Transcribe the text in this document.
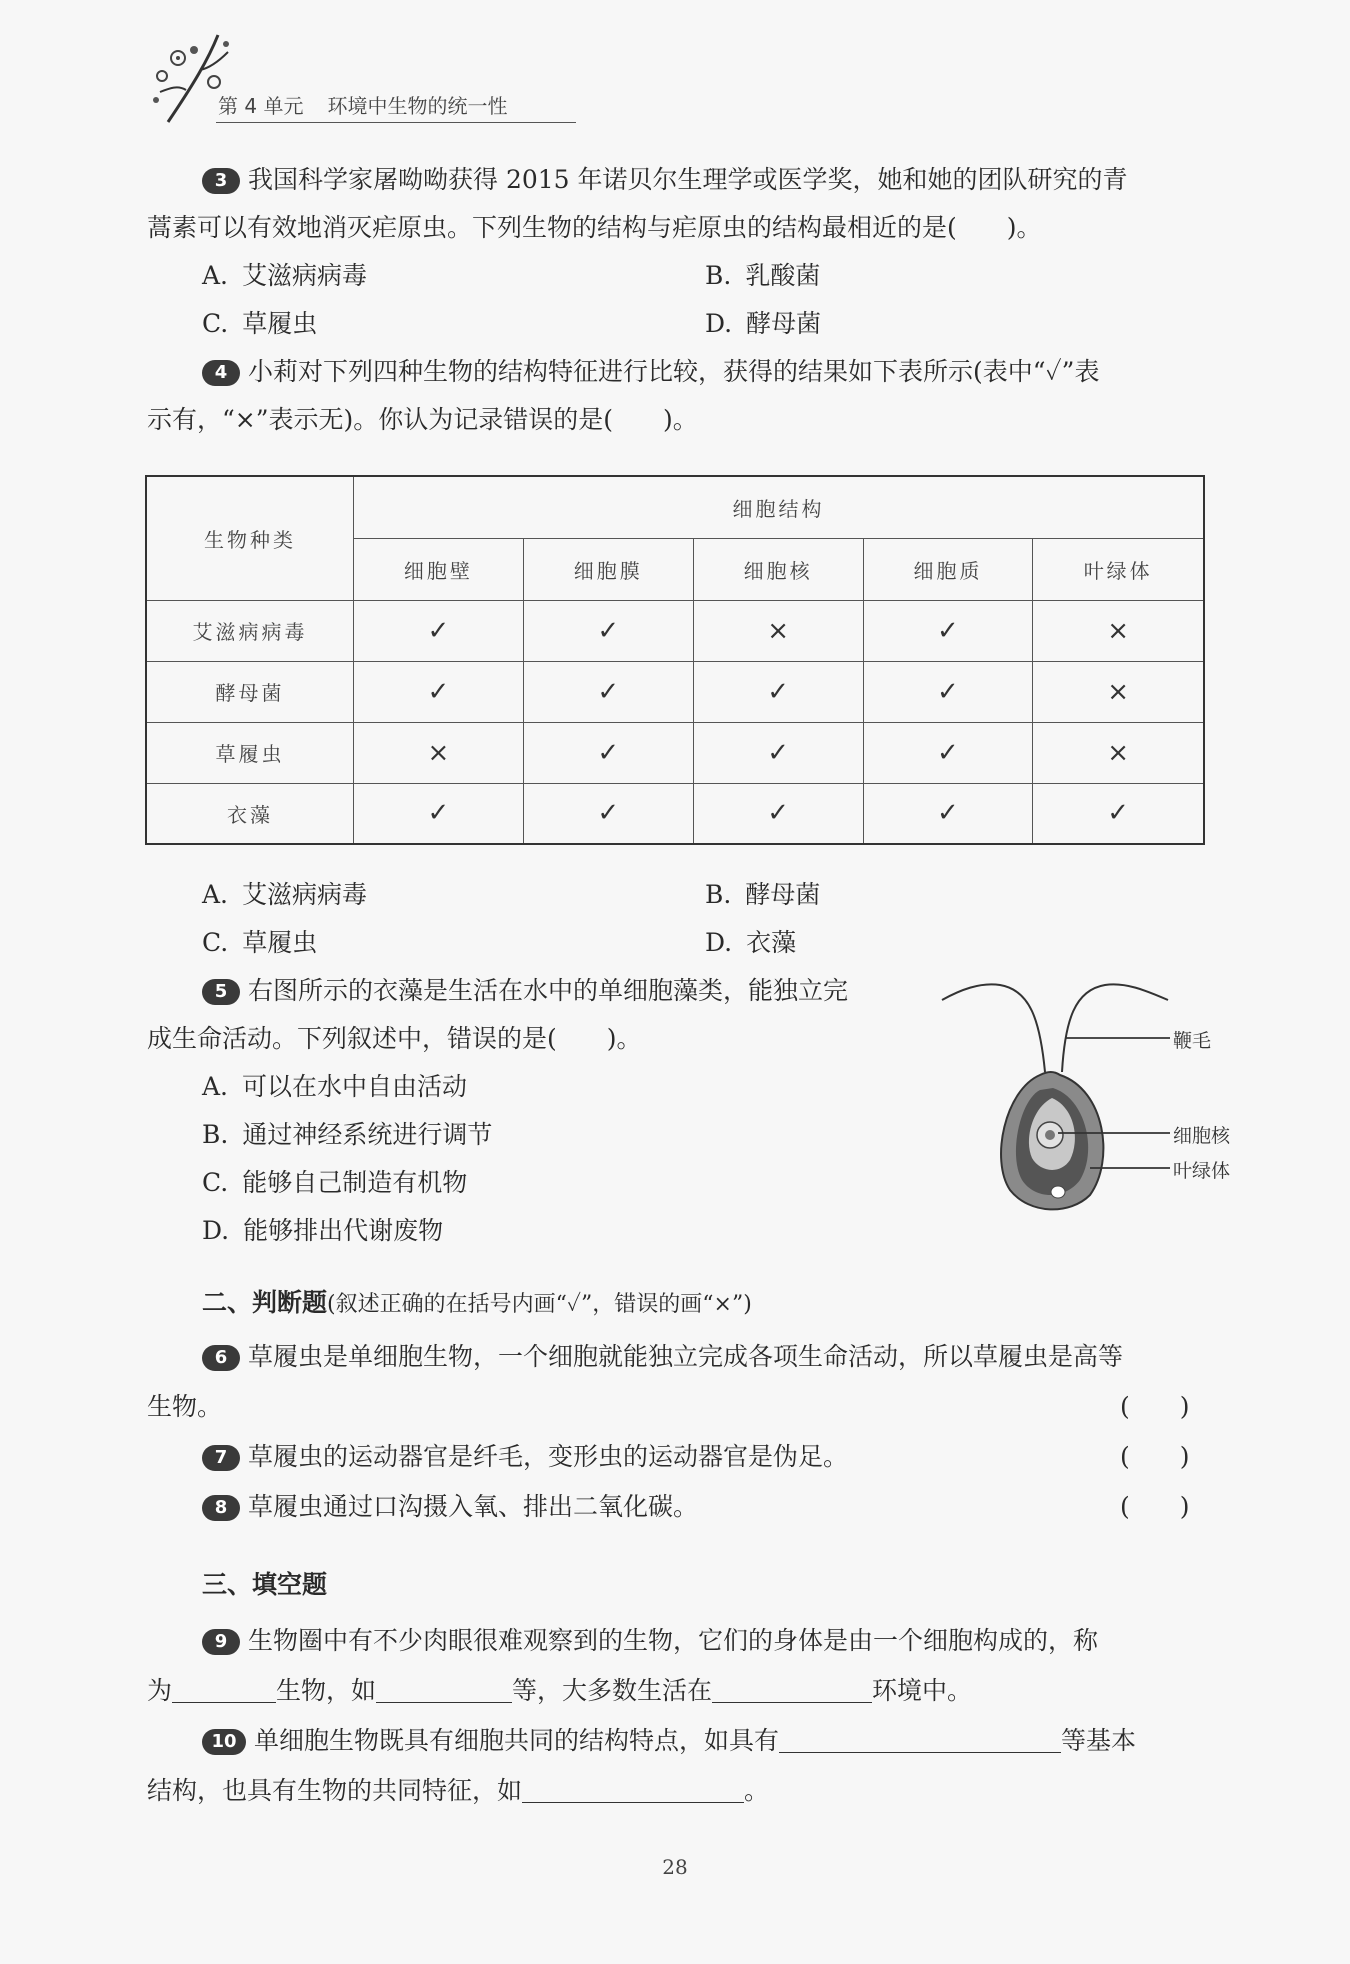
第 4 单元 环境中生物的统一性
3 我国科学家屠呦呦获得 2015 年诺贝尔生理学或医学奖，她和她的团队研究的青
蒿素可以有效地消灭疟原虫。下列生物的结构与疟原虫的结构最相近的是(　　)。
A. 艾滋病病毒	B. 乳酸菌
C. 草履虫	D. 酵母菌
4 小莉对下列四种生物的结构特征进行比较，获得的结果如下表所示(表中“✓”表
示有，“×”表示无)。你认为记录错误的是(　　)。
生物种类	细胞结构				
	细胞壁	细胞膜	细胞核	细胞质	叶绿体
艾滋病病毒	✓	✓	×	✓	×
酵母菌	✓	✓	✓	✓	×
草履虫	×	✓	✓	✓	×
衣藻	✓	✓	✓	✓	✓
A. 艾滋病病毒	B. 酵母菌
C. 草履虫	D. 衣藻
5 右图所示的衣藻是生活在水中的单细胞藻类，能独立完
成生命活动。下列叙述中，错误的是(　　)。
A. 可以在水中自由活动
B. 通过神经系统进行调节
C. 能够自己制造有机物
D. 能够排出代谢废物
鞭毛
细胞核
叶绿体
二、判断题(叙述正确的在括号内画“✓”，错误的画“×”)
6 草履虫是单细胞生物，一个细胞就能独立完成各项生命活动，所以草履虫是高等
生物。	(　　)
7 草履虫的运动器官是纤毛，变形虫的运动器官是伪足。	(　　)
8 草履虫通过口沟摄入氧、排出二氧化碳。	(　　)
三、填空题
9 生物圈中有不少肉眼很难观察到的生物，它们的身体是由一个细胞构成的，称
为	生物，如	等，大多数生活在	环境中。
10 单细胞生物既具有细胞共同的结构特点，如具有	等基本
结构，也具有生物的共同特征，如	。
28
